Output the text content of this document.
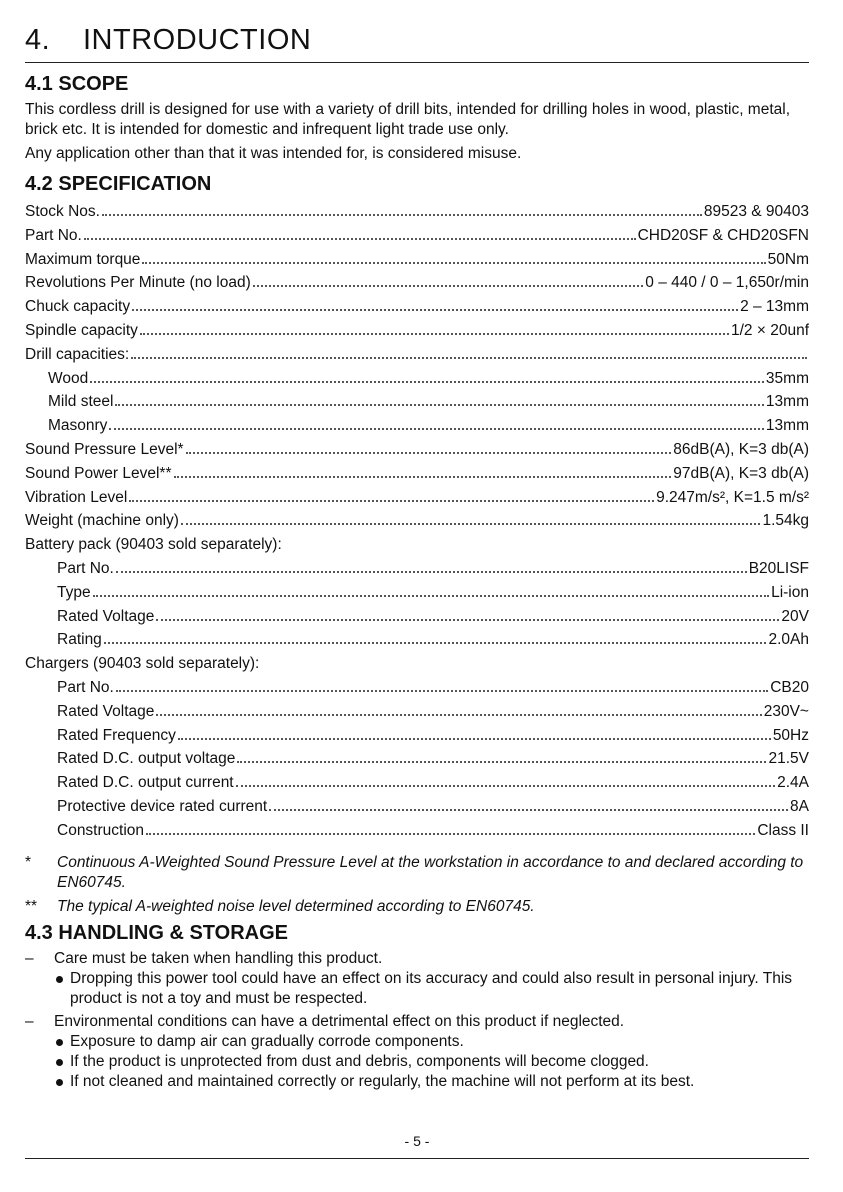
4.	INTRODUCTION
4.1 SCOPE

This cordless drill is designed for use with a variety of drill bits, intended for drilling holes in wood, plastic, metal, brick etc. It is intended for domestic and infrequent light trade use only.

Any application other than that it was intended for, is considered misuse.

4.2 SPECIFICATION
Stock Nos.	89523 & 90403
Part No.	CHD20SF & CHD20SFN
Maximum torque	50Nm
Revolutions Per Minute (no load)	0 – 440 / 0 – 1,650r/min
Chuck capacity	2 – 13mm
Spindle capacity	1/2 × 20unf
Drill capacities:
Wood	35mm
Mild steel	13mm
Masonry	13mm
Sound Pressure Level*	86dB(A), K=3 db(A)
Sound Power Level**	97dB(A), K=3 db(A)
Vibration Level	9.247m/s², K=1.5 m/s²
Weight (machine only)	1.54kg
Battery pack (90403 sold separately):
Part No.	B20LISF
Type	Li-ion
Rated Voltage	20V
Rating	2.0Ah
Chargers (90403 sold separately):
Part No.	CB20
Rated Voltage	230V~
Rated Frequency	50Hz
Rated D.C. output voltage	21.5V
Rated D.C. output current	2.4A
Protective device rated current	8A
Construction	Class II
*	Continuous A-Weighted Sound Pressure Level at the workstation in accordance to and declared according to EN60745.
**	The typical A-weighted noise level determined according to EN60745.
4.3 HANDLING & STORAGE
–	Care must be taken when handling this product.
Dropping this power tool could have an effect on its accuracy and could also result in personal injury. This product is not a toy and must be respected.
–	Environmental conditions can have a detrimental effect on this product if neglected.
Exposure to damp air can gradually corrode components.
If the product is unprotected from dust and debris, components will become clogged.
If not cleaned and maintained correctly or regularly, the machine will not perform at its best.
- 5 -
